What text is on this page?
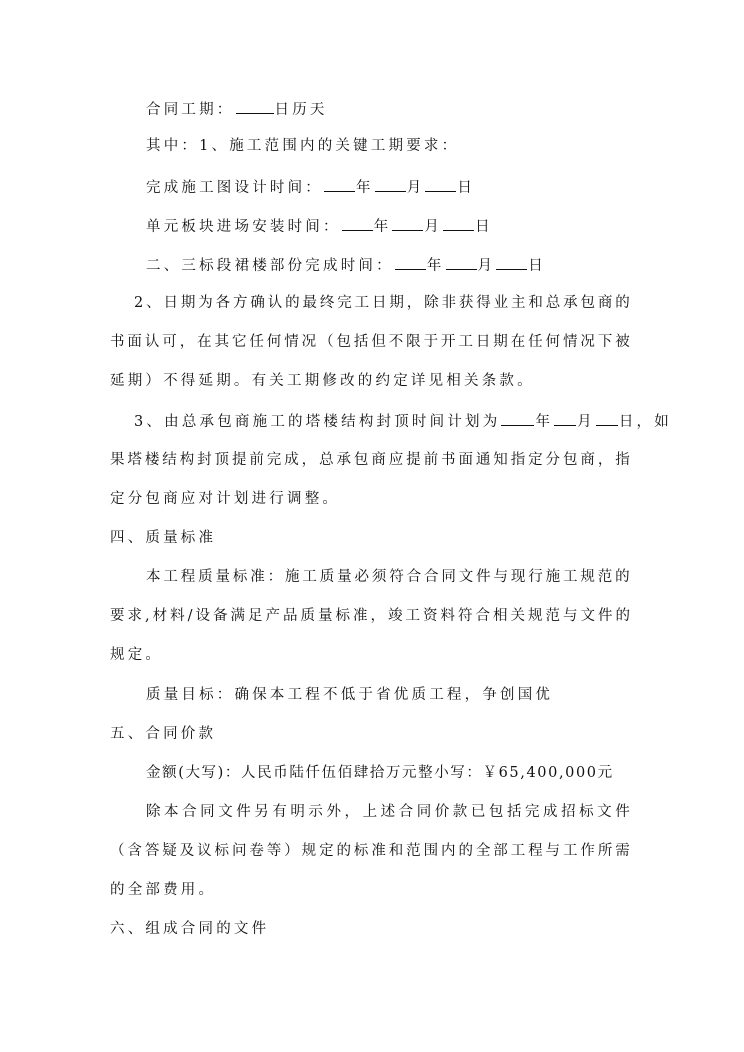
合同工期：	日历天
其中：1、施工范围内的关键工期要求：
完成施工图设计时间： 年 月 日
单元板块进场安装时间： 年 月 日
二、三标段裙楼部份完成时间： 年 月 日
2 、 日 期 为 各 方 确 认 的 最 终 完 工 日 期 ， 除 非 获 得 业 主 和 总 承 包 商 的
书 面 认 可 ， 在 其 它 任 何 情 况 （ 包 括 但 不 限 于 开 工 日 期 在 任 何 情 况 下 被
延期）不得延期。有关工期修改的约定详见相关条款。
3、由总承包商施工的塔楼结构封顶时间计划为 年 月 日，如
果 塔 楼 结 构 封 顶 提 前 完 成 ， 总 承 包 商 应 提 前 书 面 通 知 指 定 分 包 商 ， 指
定分包商应对计划进行调整。
四、质量标准
本 工 程 质 量 标 准 ： 施 工 质 量 必 须 符 合 合 同 文 件 与 现 行 施 工 规 范 的
要 求 , 材 料 / 设 备 满 足 产 品 质 量 标 准 ， 竣 工 资 料 符 合 相 关 规 范 与 文 件 的
规定。
质量目标：确保本工程不低于省优质工程，争创国优
五、合同价款
金额(大写)：人民币陆仟伍佰肆拾万元整小写：￥65,400,000元
除 本 合 同 文 件 另 有 明 示 外 ， 上 述 合 同 价 款 已 包 括 完 成 招 标 文 件
（ 含 答 疑 及 议 标 问 卷 等 ） 规 定 的 标 准 和 范 围 内 的 全 部 工 程 与 工 作 所 需
的全部费用。
六、组成合同的文件
